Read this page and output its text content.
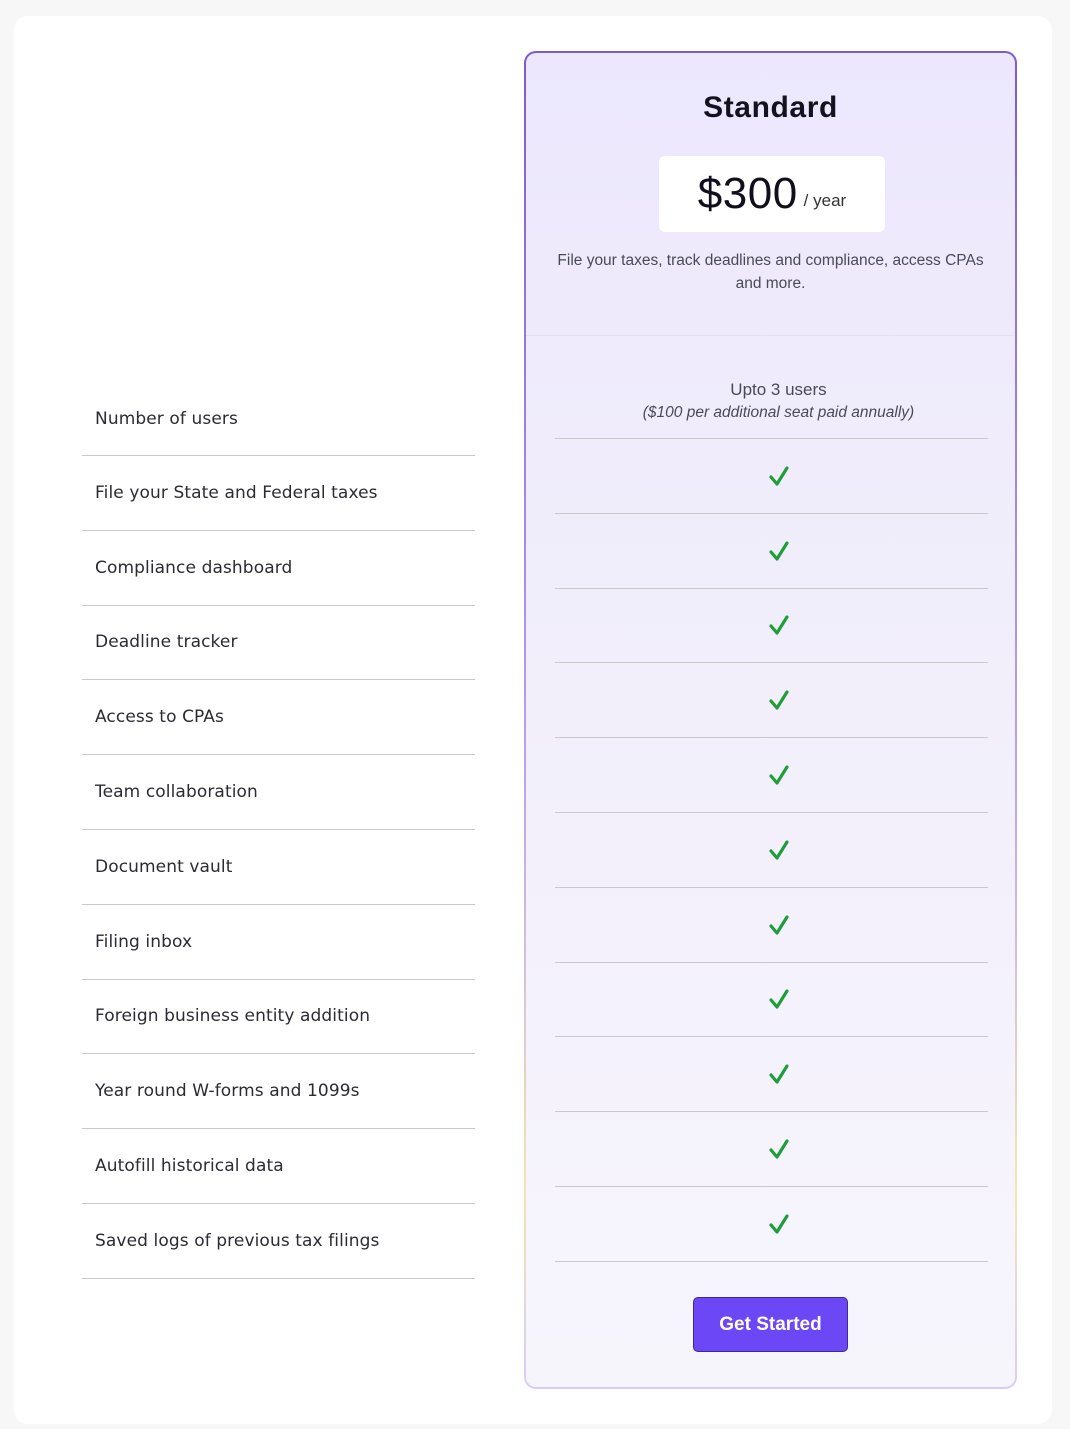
Number of users
File your State and Federal taxes
Compliance dashboard
Deadline tracker
Access to CPAs
Team collaboration
Document vault
Filing inbox
Foreign business entity addition
Year round W-forms and 1099s
Autofill historical data
Saved logs of previous tax filings
Standard
$300 / year
File your taxes, track deadlines and compliance, access CPAs and more.
Upto 3 users
($100 per additional seat paid annually)
Get Started
